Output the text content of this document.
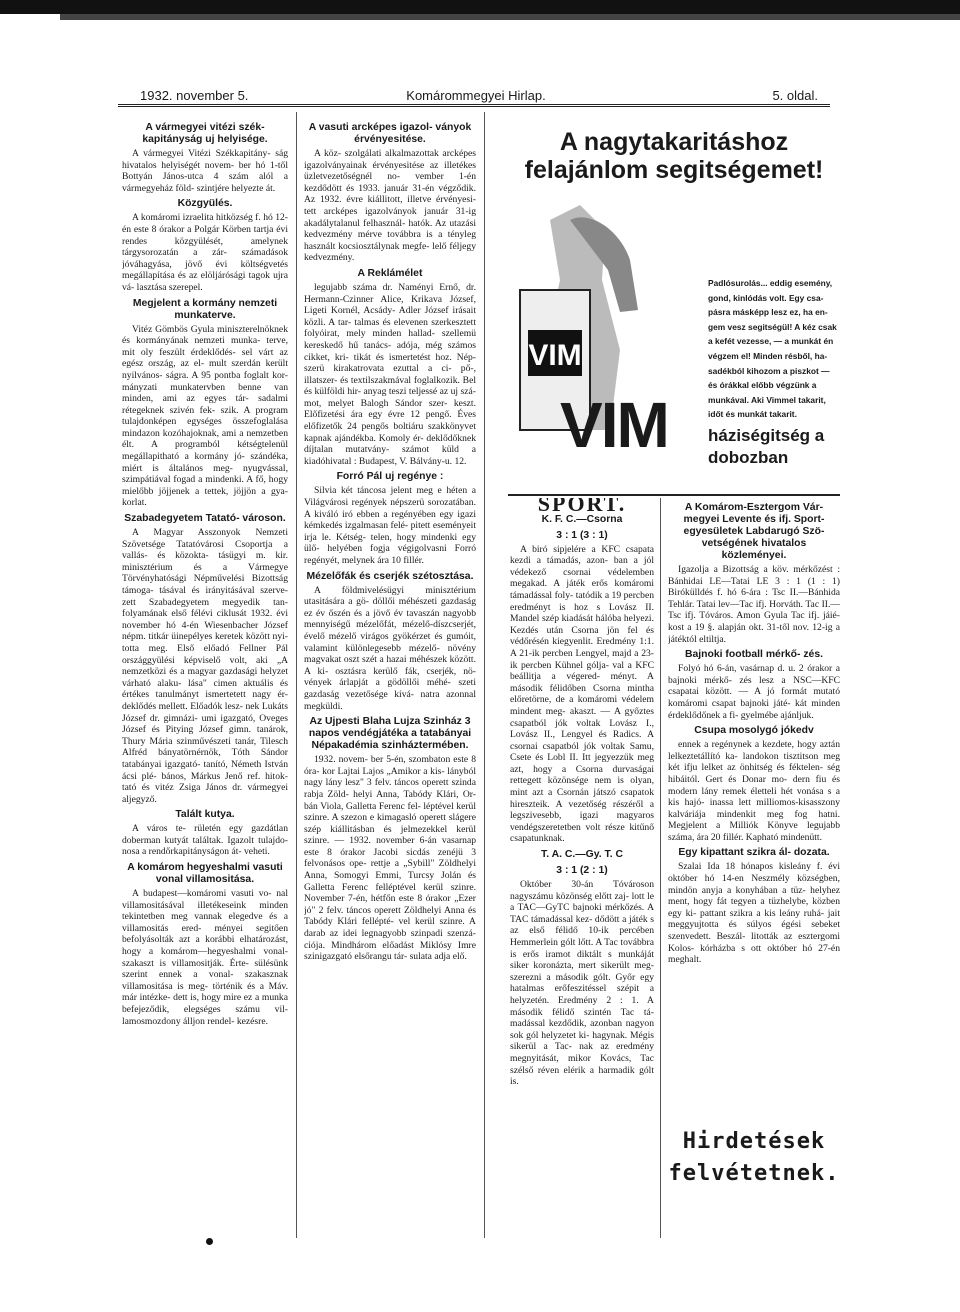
1932. november 5.	Komárommegyei Hirlap.	5. oldal.
A vármegyei vitézi szék- kapitányság uj helyisége.

A vármegyei Vitézi Székkapitány- ság hivatalos helyiségét novem- ber hó 1-től Bottyán János-utca 4 szám alól a vármegyeház föld- szintjére helyezte át.

Közgyülés.

A komáromi izraelita hitközség f. hó 12-én este 8 órakor a Polgár Körben tartja évi rendes közgyülését, amelynek tárgysorozatán a zár- számadások jóváhagyása, jövő évi költségvetés megállapítása és az elöljárósági tagok ujra vá- lasztása szerepel.

Megjelent a kormány nemzeti munkaterve.

Vitéz Gömbös Gyula miniszterelnöknek és kormányának nemzeti munka- terve, mit oly feszült érdeklődés- sel várt az egész ország, az el- mult szerdán került nyilvános- ságra. A 95 pontba foglalt kor- mányzati munkatervben benne van minden, ami az egyes tár- sadalmi rétegeknek szivén fek- szik. A program tulajdonképen egységes összefoglalása mindazon kozóhajoknak, ami a nemzetben élt. A programból kétségtelenül megállapitható a kormány jó- szándéka, miért is általános meg- nyugvással, szimpátiával fogad a mindenki. A fő, hogy mielőbb jöjjenek a tettek, jöjjön a gya- korlat.

Szabadegyetem Tatató- városon.

A Magyar Asszonyok Nemzeti Szövetsége Tatatóvárosi Csoportja a vallás- és közokta- tásügyi m. kir. minisztérium és a Vármegye Törvényhatósági Népművelési Bizottság támoga- tásával és irányitásával szerve- zett Szabadegyetem megyedik tan- folyamának első félévi ciklusát 1932. évi november hó 4-én Wiesenbacher József népm. titkár üinepélyes keretek között nyi- totta meg. Első előadó Fellner Pál országgyülési képviselő volt, aki „A nemzetközi és a magyar gazdasági helyzet várható alaku- lása" cimen aktuális és értékes tanulmányt ismertetett nagy ér- deklődés mellett. Előadók lesz- nek Lukáts József dr. gimnázi- umi igazgató, Oveges József és Pitying József gimn. tanárok, Thury Mária szinművészeti tanár, Tilesch Alfréd bányatörnérnök, Tóth Sándor tatabányai igazgató- tanító, Németh István ácsi plé- bános, Márkus Jenő ref. hitok- tató és vitéz Zsiga János dr. vármegyei aljegyző.

Talált kutya.

A város te- rületén egy gazdátlan doberman kutyát találtak. Igazolt tulajdo- nosa a rendőrkapitányságon át- veheti.

A komárom hegyeshalmi vasuti vonal villamositása.

A budapest—komáromi vasuti vo- nal villamositásával illetékeseink minden tekintetben meg vannak elegedve és a villamositás ered- ményei segitően befolyásolták azt a korábbi elhatározást, hogy a komárom—hegyeshalmi vonal- szakaszt is villamositják. Érte- sülésünk szerint ennek a vonal- szakasznak villamositása is meg- történik és a Máv. már intézke- dett is, hogy mire ez a munka befejeződik, elegséges számu vil- lamosmozdony álljon rendel- kezésre.

A vasuti arcképes igazol- ványok érvényesitése.

A köz- szolgálati alkalmazottak arcképes igazolványainak érvényesitése az illetékes üzletvezetőségnél no- vember 1-én kezdődött és 1933. január 31-én végződik. Az 1932. évre kiállitott, illetve érvényesi- tett arcképes igazolványok január 31-ig akadálytalanul felhasznál- hatók. Az utazási kedvezmény mérve továbbra is a tényleg használt kocsiosztálynak megfe- lelő féljegy kedvezmény.

A Reklámélet

legujabb száma dr. Naményi Ernő, dr. Hermann-Czinner Alice, Krikava József, Ligeti Kornél, Acsády- Adler József irásait közli. A tar- talmas és elevenen szerkesztett folyóirat, mely minden hallad- szellemü kereskedő hű tanács- adója, még számos cikket, kri- tikát és ismertetést hoz. Nép- szerü kirakatrovata ezuttal a ci- pő-, illatszer- és textilszakmával foglalkozik. Bel és külföldi hir- anyag teszi teljessé az uj szá- mot, melyet Balogh Sándor szer- keszt. Előfizetési ára egy évre 12 pengő. Éves előfizetők 24 pengős boltiáru szakkönyvet kapnak ajándékba. Komoly ér- deklődőknek díjtalan mutatvány- számot küld a kiadóhivatal : Budapest, V. Bálvány-u. 12.

Forró Pál uj regénye :

Silvia két táncosa jelent meg e héten a Világvárosi regények népszerü sorozatában. A kiváló iró ebben a regényében egy igazi kémkedés izgalmasan felé- pitett eseményeit irja le. Kétség- telen, hogy mindenki egy ülő- helyében fogja végigolvasni Forró regényét, melynek ára 10 fillér.

Mézelőfák és cserjék szétosztása.

A földmivelésügyi minisztérium utasitására a gö- döllői méhészeti gazdaság ez év őszén és a jövő év tavaszán nagyobb mennyiségű mézelőfát, mézelő-díszcserjét, évelő mézelő virágos gyökérzet és gumóit, valamint különlegesebb mézelő- növény magvakat oszt szét a hazai méhészek között. A ki- osztásra kerülő fák, cserjék, nö- vények árlapját a gödöllői méhé- szeti gazdaság vezetősége kívá- natra azonnal megküldi.

Az Ujpesti Blaha Lujza Szinház 3 napos vendégjátéka a tatabányai Népakadémia szinháztermében.

1932. novem- ber 5-én, szombaton este 8 óra- kor Lajtai Lajos „Amikor a kis- lányból nagy lány lesz" 3 felv. táncos operett szinda rabja Zöld- helyi Anna, Tabódy Klári, Or- bán Viola, Galletta Ferenc fel- léptével kerül szinre. A szezon e kimagasló operett slágere szép kiállitásban és jelmezekkel kerül szinre. — 1932. november 6-án vasarnap este 8 órakor Jacobi sicdás zenéjü 3 felvonásos ope- rettje a „Sybill" Zöldhelyi Anna, Somogyi Emmi, Turcsy Jolán és Galletta Ferenc felléptével kerül szinre. November 7-én, hétfőn este 8 órakor „Ezer jó" 2 felv. táncos operett Zöldhelyi Anna és Tabódy Klári fellépté- vel kerül szinre. A darab az idei legnagyobb szinpadi szenzá- ciója. Mindhárom előadást Miklósy Imre szinigazgató elsőrangu tár- sulata adja elő.

A nagytakaritáshoz felajánlom segitségemet!
VIM
Padlósurolás... eddig esemény, gond, kinlódás volt. Egy csa- pásra másképp lesz ez, ha en- gem vesz segitségül! A kéz csak a kefét vezesse, — a munkát én végzem el! Minden résből, ha- sadékból kihozom a piszkot — és órákkal előbb végzünk a munkával. Aki Vimmel takarit, időt és munkát takarit.
VIM háziségitség a dobozban
SPORT.
K. F. C.—Csorna
3 : 1 (3 : 1)

A biró sipjelére a KFC csapata kezdi a támadás, azon- ban a jól védekező csornai védelemben megakad. A játék erős komáromi támadással foly- tatódik a 19 percben eredményt is hoz s Lovász II. Mandel szép kiadását hálóba helyezi. Kezdés után Csorna jön fel és védőrésén kiegyenlit. Eredmény 1:1. A 21-ik percben Lengyel, majd a 23-ik percben Kühnel gólja- val a KFC beállitja a végered- ményt. A második félidőben Csorna mintha előretörne, de a komáromi védelem mindent meg- akaszt. — A győztes csapatból jók voltak Lovász I., Lovász II., Lengyel és Radics. A csornai csapatból jók voltak Samu, Csete és Lobl II. Itt jegyezzük meg azt, hogy a Csorna durvaságai rettegett közönsége nem is olyan, mint azt a Csornán játszó csapatok hireszteik. A vezetőség részéről a legszivesebb, igazi magyaros vendégszeretetben volt része kitűnő csapatunknak.

T. A. C.—Gy. T. C
3 : 1 (2 : 1)

Október 30-án Tóvároson nagyszámu közönség előtt zaj- lott le a TAC—GyTC bajnoki mérkőzés. A TAC támadással kez- dődött a játék s az első félidő 10-ik percében Hemmerlein gólt lőtt. A Tac továbbra is erős iramot diktált s munkáját siker koronázta, mert sikerült meg- szerezni a második gólt. Győr egy hatalmas erőfeszitéssel szépit a helyzetén. Eredmény 2 : 1. A második félidő szintén Tac tá- madással kezdődik, azonban nagyon sok gól helyzetet ki- hagynak. Mégis sikerül a Tac- nak az eredmény megnyitását, mikor Kovács, Tac szélső réven elérik a harmadik gólt is.

A Komárom-Esztergom Vár- megyei Levente és ifj. Sport- egyesületek Labdarugó Szö- vetségének hivatalos közleményei.

Igazolja a Bizottság a köv. mérkőzést : Bánhidai LE—Tatai LE 3 : 1 (1 : 1) Birókülldés f. hó 6-ára : Tsc II.—Bánhida Tehlár. Tatai lev—Tac ifj. Horváth. Tac II.—Tsc ifj. Tóváros. Amon Gyula Tac ifj. jáié- kost a 19 §. alapján okt. 31-től nov. 12-ig a játéktól eltiltja.

Bajnoki football mérkő- zés.

Folyó hó 6-án, vasárnap d. u. 2 órakor a bajnoki mérkő- zés lesz a NSC—KFC csapatai között. — A jó formát mutató komáromi csapat bajnoki játé- kát minden érdeklődőnek a fi- gyelmébe ajánljuk.

Csupa mosolygó jókedv

ennek a regénynek a kezdete, hogy aztán lelkeztetállító ka- landokon tisztitson meg két ifju lelket az önhitség és féktelen- ség hibáitól. Gert és Donar mo- dern fiu és modern lány remek életteli hét vonása s a kis hajó- inassa lett milliomos-kisasszony kalváriája mindenkit meg fog hatni. Megjelent a Milliók Könyve legujabb száma, ára 20 fillér. Kapható mindenütt.

Egy kipattant szikra ál- dozata.

Szalai Ida 18 hónapos kisleány f. évi október hó 14-en Neszmély községben, mindön anyja a konyhában a tüz- helyhez ment, hogy fát tegyen a tüzhelybe, közben egy ki- pattant szikra a kis leány ruhá- jait meggyujtotta és súlyos égési sebeket szenvedett. Beszál- litották az esztergomi Kolos- kórházba s ott október hó 27-én meghalt.

Hirdetések felvétetnek.
